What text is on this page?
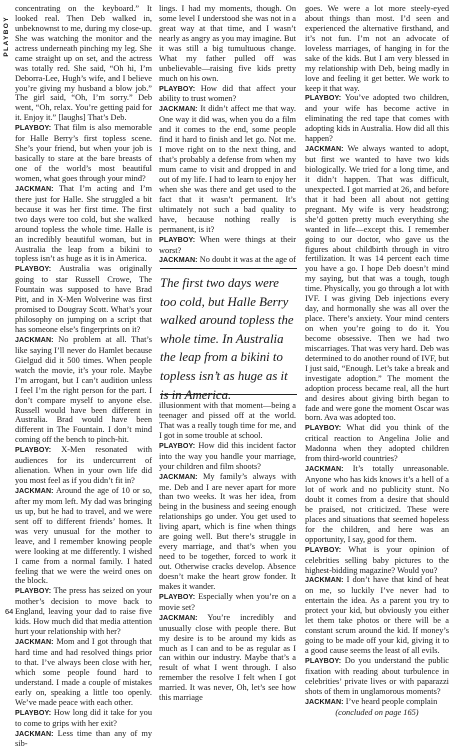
PLAYBOY

concentrating on the keyboard.” It looked real. Then Deb walked in, unbeknownst to me, during my close-up. She was watching the monitor and the actress underneath pinching my leg. She came straight up on set, and the actress was totally red. She said, “Oh hi, I’m Deborra-Lee, Hugh’s wife, and I believe you’re giving my husband a blow job.” The girl said, “Oh, I’m sorry.” Deb went, “Oh, relax. You’re getting paid for it. Enjoy it.” [laughs] That’s Deb.

PLAYBOY: That film is also memorable for Halle Berry’s first topless scene. She’s your friend, but when your job is basically to stare at the bare breasts of one of the world’s most beautiful women, what goes through your mind?

JACKMAN: That I’m acting and I’m there just for Halle. She struggled a bit because it was her first time. The first two days were too cold, but she walked around topless the whole time. Halle is an incredibly beautiful woman, but in Australia the leap from a bikini to topless isn’t as huge as it is in America.

PLAYBOY: Australia was originally going to star Russell Crowe, The Fountain was supposed to have Brad Pitt, and in X-Men Wolverine was first promised to Dougray Scott. What’s your philosophy on jumping on a script that has someone else’s fingerprints on it?

JACKMAN: No problem at all. That’s like saying I’ll never do Hamlet because Gielgud did it 500 times. When people watch the movie, it’s your role. Maybe I’m arrogant, but I can’t audition unless I feel I’m the right person for the part. I don’t compare myself to anyone else. Russell would have been different in Australia. Brad would have been different in The Fountain. I don’t mind coming off the bench to pinch-hit.

PLAYBOY: X-Men resonated with audiences for its undercurrent of alienation. When in your own life did you most feel as if you didn’t fit in?

JACKMAN: Around the age of 10 or so, after my mom left. My dad was bringing us up, but he had to travel, and we were sent off to different friends’ homes. It was very unusual for the mother to leave, and I remember knowing people were looking at me differently. I wished I came from a normal family. I hated feeling that we were the weird ones on the block.

PLAYBOY: The press has seized on your mother’s decision to move back to England, leaving your dad to raise five kids. How much did that media attention hurt your relationship with her?

JACKMAN: Mom and I got through that hard time and had resolved things prior to that. I’ve always been close with her, which some people found hard to understand. I made a couple of mistakes early on, speaking a little too openly. We’ve made peace with each other.

PLAYBOY: How long did it take for you to come to grips with her exit?

JACKMAN: Less time than any of my sib-

lings. I had my moments, though. On some level I understood she was not in a great way at that time, and I wasn’t nearly as angry as you may imagine. But it was still a big tumultuous change. What my father pulled off was unbelievable—raising five kids pretty much on his own.

PLAYBOY: How did that affect your ability to trust women?

JACKMAN: It didn’t affect me that way. One way it did was, when you do a film and it comes to the end, some people find it hard to finish and let go. Not me. I move right on to the next thing, and that’s probably a defense from when my mum came to visit and dropped in and out of my life. I had to learn to enjoy her when she was there and get used to the fact that it wasn’t permanent. It’s ultimately not such a bad quality to have, because nothing really is permanent, is it?

PLAYBOY: When were things at their worst?

JACKMAN: No doubt it was at the age of

illusionment with that moment—being a teenager and pissed off at the world. That was a really tough time for me, and I got in some trouble at school.

PLAYBOY: How did this incident factor into the way you handle your marriage, your children and film shoots?

JACKMAN: My family’s always with me. Deb and I are never apart for more than two weeks. It was her idea, from being in the business and seeing enough relationships go under. You get used to living apart, which is fine when things are going well. But there’s struggle in every marriage, and that’s when you need to be together, forced to work it out. Otherwise cracks develop. Absence doesn’t make the heart grow fonder. It makes it wander.

PLAYBOY: Especially when you’re on a movie set?

JACKMAN: You’re incredibly and unusually close with people there. But my desire is to be around my kids as much as I can and to be as regular as I can within our industry. Maybe that’s a result of what I went through. I also remember the resolve I felt when I got married. It was never, Oh, let’s see how this marriage

The first two days were too cold, but Halle Berry walked around topless the whole time. In Australia the leap from a bikini to topless isn’t as huge as it is in America.

goes. We were a lot more steely-eyed about things than most. I’d seen and experienced the alternative firsthand, and it’s not fun. I’m not an advocate of loveless marriages, of hanging in for the sake of the kids. But I am very blessed in my relationship with Deb, being madly in love and feeling it get better. We work to keep it that way.

PLAYBOY: You’ve adopted two children, and your wife has become active in eliminating the red tape that comes with adopting kids in Australia. How did all this happen?

JACKMAN: We always wanted to adopt, but first we wanted to have two kids biologically. We tried for a long time, and it didn’t happen. That was difficult, unexpected. I got married at 26, and before that it had been all about not getting pregnant. My wife is very headstrong; she’d gotten pretty much everything she wanted in life—except this. I remember going to our doctor, who gave us the figures about childbirth through in vitro fertilization. It was 14 percent each time you have a go. I hope Deb doesn’t mind my saying, but that was a tough, tough time. Physically, you go through a lot with IVF. I was giving Deb injections every day, and hormonally she was all over the place. There’s anxiety. Your mind centers on when you’re going to do it. You become obsessive. Then we had two miscarriages. That was very hard. Deb was determined to do another round of IVF, but I just said, “Enough. Let’s take a break and investigate adoption.” The moment the adoption process became real, all the hurt and desires about giving birth began to fade and were gone the moment Oscar was born. Ava was adopted too.

PLAYBOY: What did you think of the critical reaction to Angelina Jolie and Madonna when they adopted children from third-world countries?

JACKMAN: It’s totally unreasonable. Anyone who has kids knows it’s a hell of a lot of work and no publicity stunt. No doubt it comes from a desire that should be praised, not criticized. These were places and situations that seemed hopeless for the children, and here was an opportunity, I say, good for them.

PLAYBOY: What is your opinion of celebrities selling baby pictures to the highest-bidding magazine? Would you?

JACKMAN: I don’t have that kind of heat on me, so luckily I’ve never had to entertain the idea. As a parent you try to protect your kid, but obviously you either let them take photos or there will be a constant scrum around the kid. If money’s going to be made off your kid, giving it to a good cause seems the least of all evils.

PLAYBOY: Do you understand the public fixation with reading about turbulence in celebrities’ private lives or with paparazzi shots of them in unglamorous moments?

JACKMAN: I’ve heard people complain

(concluded on page 165)

64
